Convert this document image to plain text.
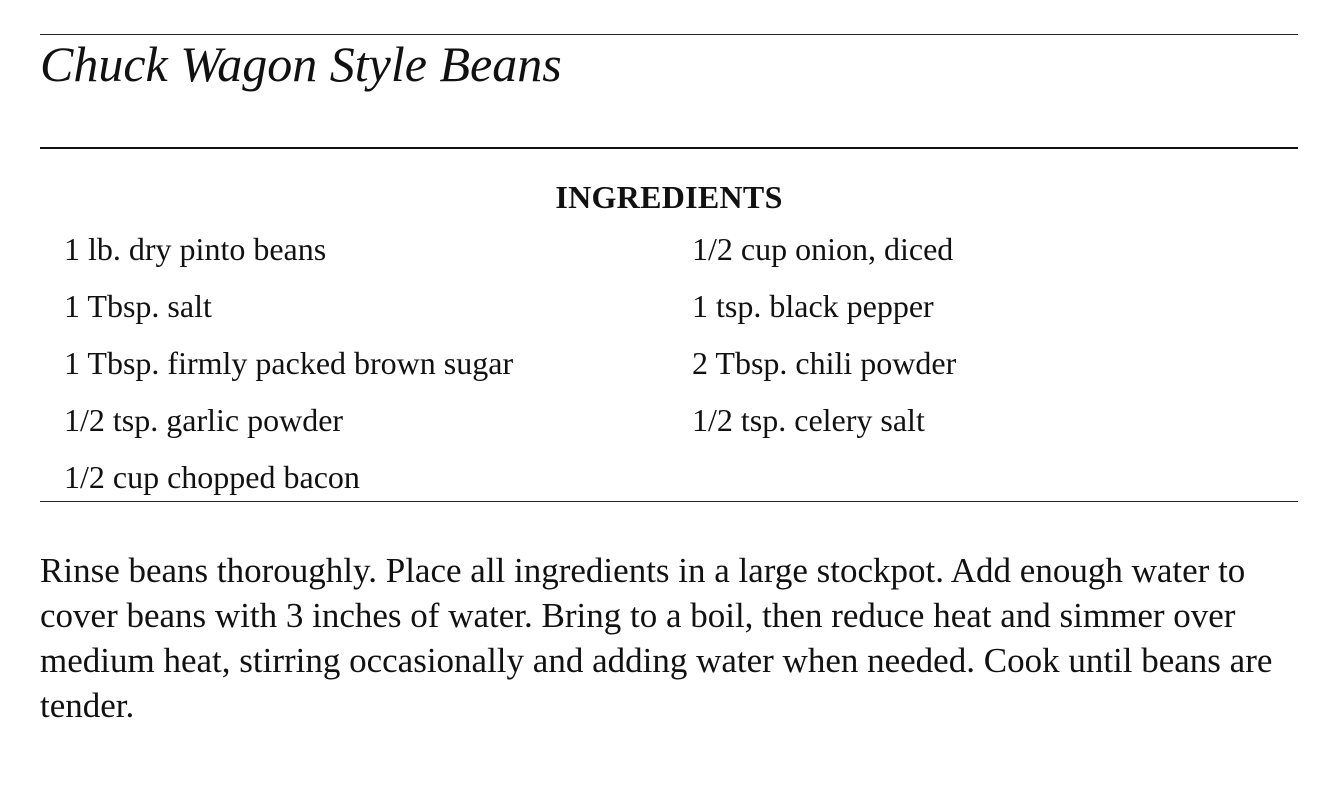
Chuck Wagon Style Beans
INGREDIENTS
1 lb. dry pinto beans
1 Tbsp. salt
1 Tbsp. firmly packed brown sugar
1/2 tsp. garlic powder
1/2 cup chopped bacon
1/2 cup onion, diced
1 tsp. black pepper
2 Tbsp. chili powder
1/2 tsp. celery salt

Rinse beans thoroughly. Place all ingredients in a large stockpot. Add enough water to cover beans with 3 inches of water. Bring to a boil, then reduce heat and simmer over medium heat, stirring occasionally and adding water when needed. Cook until beans are tender.
